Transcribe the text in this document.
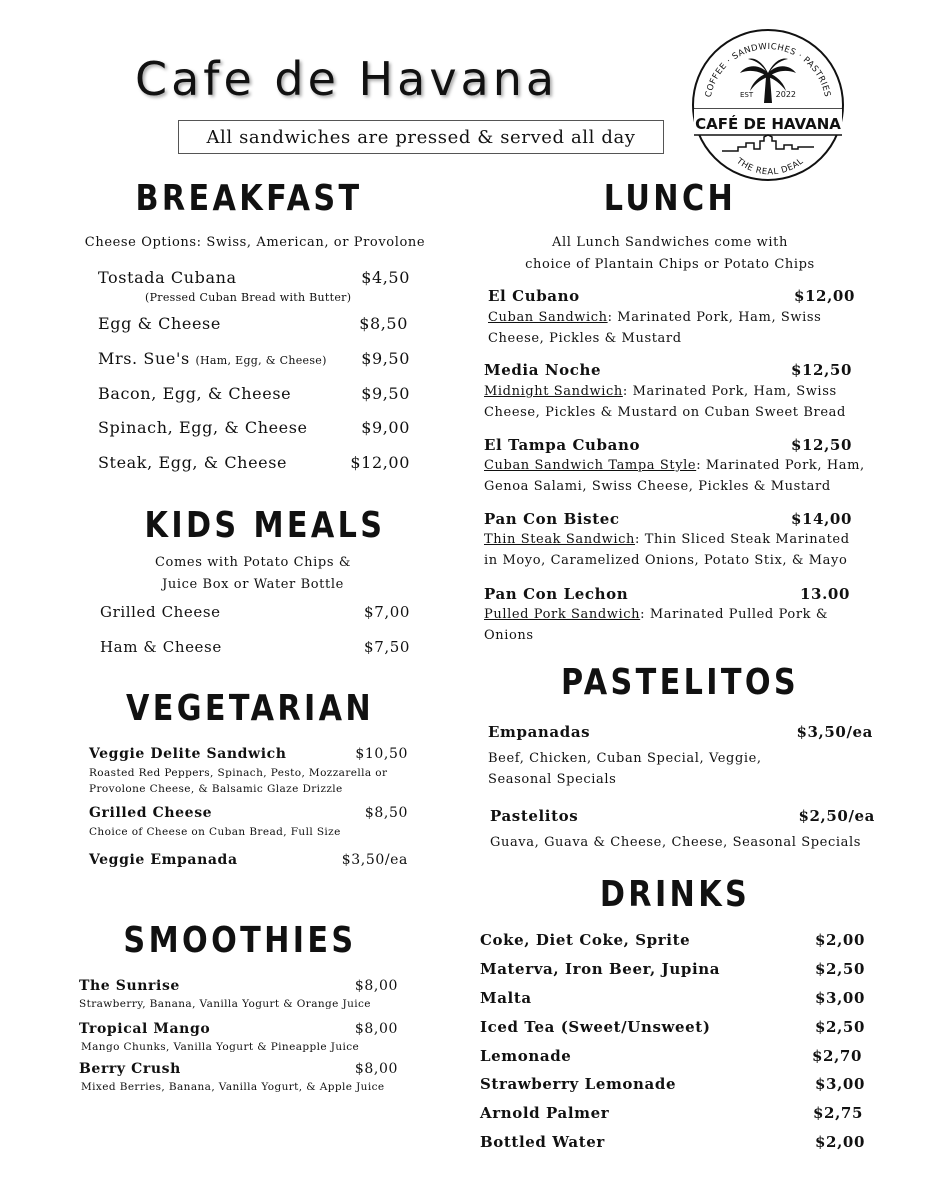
Cafe de Havana
All sandwiches are pressed & served all day
COFFEE · SANDWICHES · PASTRIES
EST	2022
CAFÉ DE HAVANA
THE REAL DEAL
BREAKFAST
Cheese Options: Swiss, American, or Provolone
Tostada Cubana	$4,50
(Pressed Cuban Bread with Butter)
Egg & Cheese	$8,50
Mrs. Sue's (Ham, Egg, & Cheese)	$9,50
Bacon, Egg, & Cheese	$9,50
Spinach, Egg, & Cheese	$9,00
Steak, Egg, & Cheese	$12,00
KIDS MEALS
Comes with Potato Chips &
Juice Box or Water Bottle
Grilled Cheese	$7,00
Ham & Cheese	$7,50
VEGETARIAN
Veggie Delite Sandwich	$10,50
Roasted Red Peppers, Spinach, Pesto, Mozzarella or
Provolone Cheese, & Balsamic Glaze Drizzle
Grilled Cheese	$8,50
Choice of Cheese on Cuban Bread, Full Size
Veggie Empanada	$3,50/ea
SMOOTHIES
The Sunrise	$8,00
Strawberry, Banana, Vanilla Yogurt & Orange Juice
Tropical Mango	$8,00
Mango Chunks, Vanilla Yogurt & Pineapple Juice
Berry Crush	$8,00
Mixed Berries, Banana, Vanilla Yogurt, & Apple Juice
LUNCH
All Lunch Sandwiches come with
choice of Plantain Chips or Potato Chips
El Cubano	$12,00
Cuban Sandwich: Marinated Pork, Ham, Swiss
Cheese, Pickles & Mustard
Media Noche	$12,50
Midnight Sandwich: Marinated Pork, Ham, Swiss
Cheese, Pickles & Mustard on Cuban Sweet Bread
El Tampa Cubano	$12,50
Cuban Sandwich Tampa Style: Marinated Pork, Ham,
Genoa Salami, Swiss Cheese, Pickles & Mustard
Pan Con Bistec	$14,00
Thin Steak Sandwich: Thin Sliced Steak Marinated
in Moyo, Caramelized Onions, Potato Stix, & Mayo
Pan Con Lechon	13.00
Pulled Pork Sandwich: Marinated Pulled Pork &
Onions
PASTELITOS
Empanadas	$3,50/ea
Beef, Chicken, Cuban Special, Veggie,
Seasonal Specials
Pastelitos	$2,50/ea
Guava, Guava & Cheese, Cheese, Seasonal Specials
DRINKS
Coke, Diet Coke, Sprite	$2,00
Materva, Iron Beer, Jupina	$2,50
Malta	$3,00
Iced Tea (Sweet/Unsweet)	$2,50
Lemonade	$2,70
Strawberry Lemonade	$3,00
Arnold Palmer	$2,75
Bottled Water	$2,00
